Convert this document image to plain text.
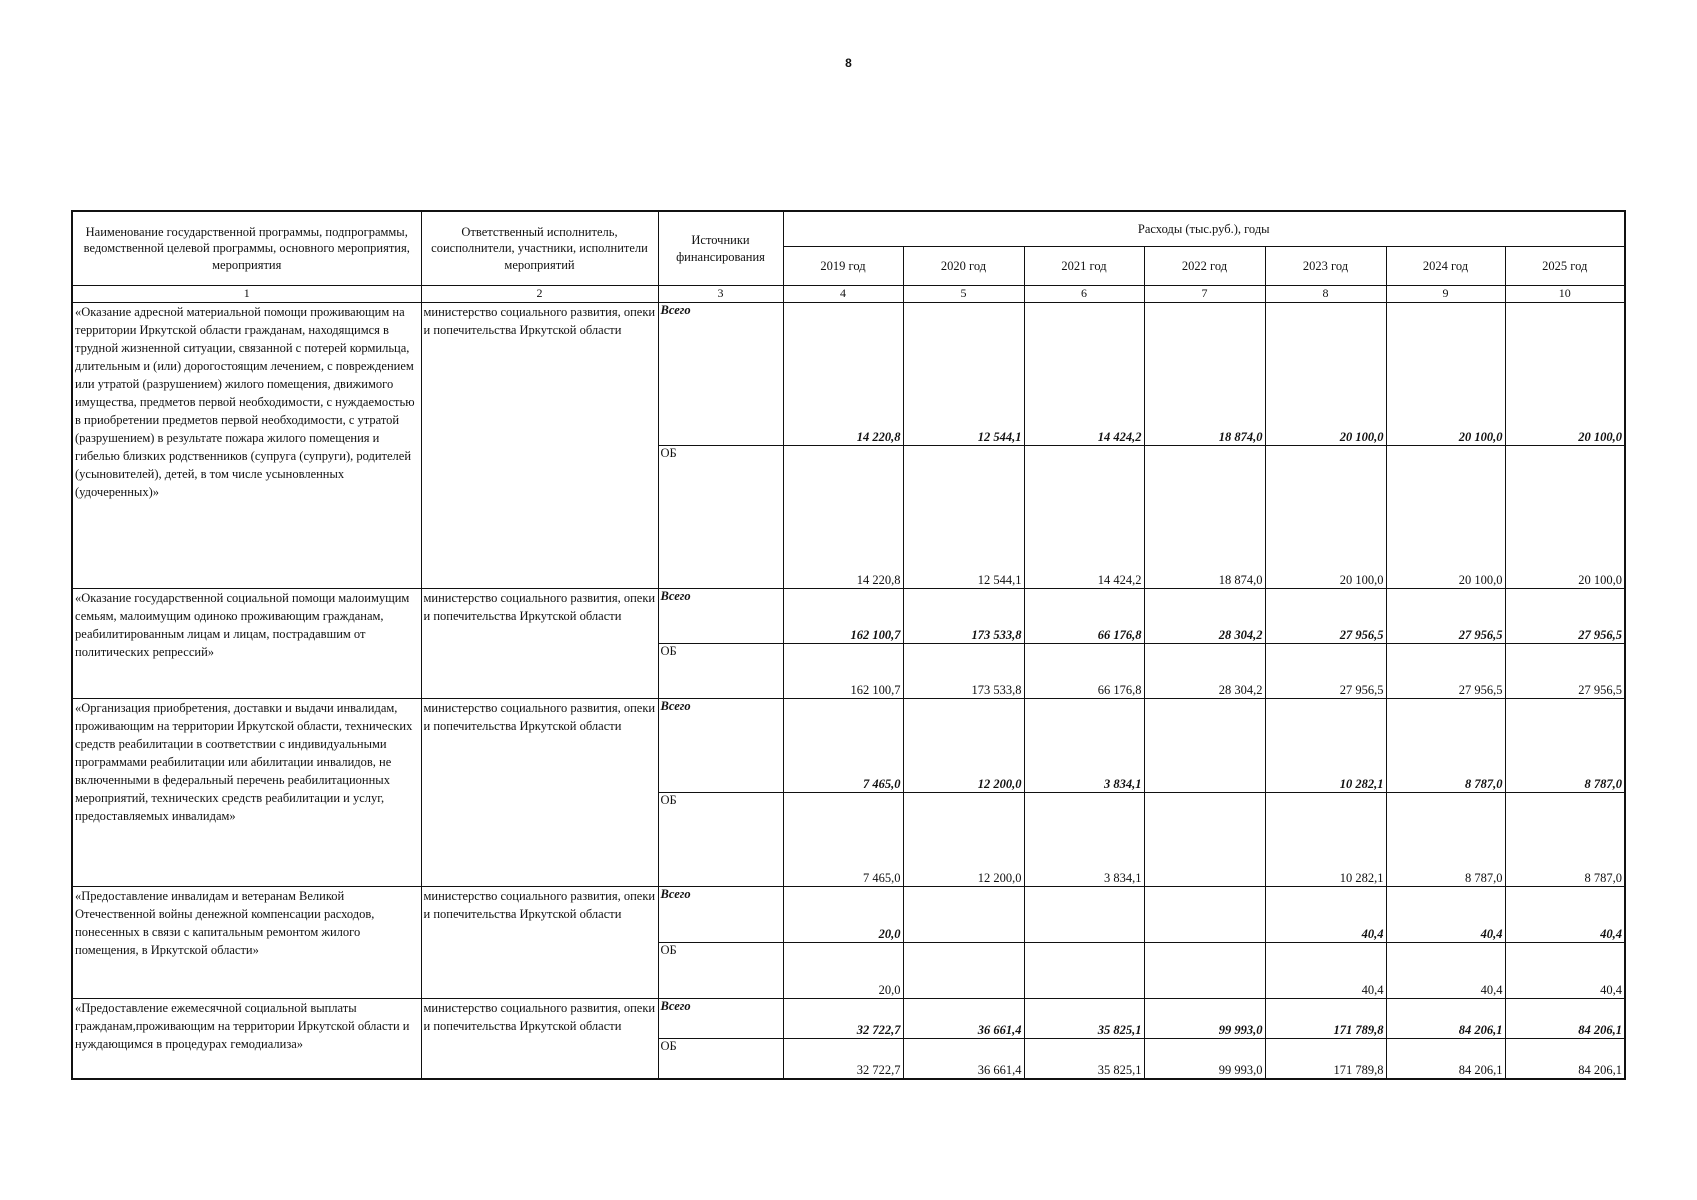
8
Наименование государственной программы, подпрограммы, ведомственной целевой программы, основного мероприятия, мероприятия	Ответственный исполнитель, соисполнители, участники, исполнители мероприятий	Источники финансирования	Расходы (тыс.руб.), годы						
			2019 год	2020 год	2021 год	2022 год	2023 год	2024 год	2025 год
1	2	3	4	5	6	7	8	9	10
«Оказание адресной материальной помощи проживающим на территории Иркутской области гражданам, находящимся в трудной жизненной ситуации, связанной с потерей кормильца, длительным и (или) дорогостоящим лечением, с повреждением или утратой (разрушением) жилого помещения, движимого имущества, предметов первой необходимости, с нуждаемостью в приобретении предметов первой необходимости, с утратой (разрушением) в результате пожара жилого помещения и гибелью близких родственников (супруга (супруги), родителей (усыновителей), детей, в том числе усыновленных (удочеренных)»	министерство социального развития, опеки и попечительства Иркутской области	Всего	14 220,8	12 544,1	14 424,2	18 874,0	20 100,0	20 100,0	20 100,0
		ОБ	14 220,8	12 544,1	14 424,2	18 874,0	20 100,0	20 100,0	20 100,0
«Оказание государственной социальной помощи малоимущим семьям, малоимущим одиноко проживающим гражданам, реабилитированным лицам и лицам, пострадавшим от политических репрессий»	министерство социального развития, опеки и попечительства Иркутской области	Всего	162 100,7	173 533,8	66 176,8	28 304,2	27 956,5	27 956,5	27 956,5
		ОБ	162 100,7	173 533,8	66 176,8	28 304,2	27 956,5	27 956,5	27 956,5
«Организация приобретения, доставки и выдачи инвалидам, проживающим на территории Иркутской области, технических средств реабилитации в соответствии с индивидуальными программами реабилитации или абилитации инвалидов, не включенными в федеральный перечень реабилитационных мероприятий, технических средств реабилитации и услуг, предоставляемых инвалидам»	министерство социального развития, опеки и попечительства Иркутской области	Всего	7 465,0	12 200,0	3 834,1		10 282,1	8 787,0	8 787,0
		ОБ	7 465,0	12 200,0	3 834,1		10 282,1	8 787,0	8 787,0
«Предоставление инвалидам и ветеранам Великой Отечественной войны денежной компенсации расходов, понесенных в связи с капитальным ремонтом жилого помещения, в Иркутской области»	министерство социального развития, опеки и попечительства Иркутской области	Всего	20,0				40,4	40,4	40,4
		ОБ	20,0				40,4	40,4	40,4
«Предоставление ежемесячной социальной выплаты гражданам,проживающим на территории Иркутской области и нуждающимся в процедурах гемодиализа»	министерство социального развития, опеки и попечительства Иркутской области	Всего	32 722,7	36 661,4	35 825,1	99 993,0	171 789,8	84 206,1	84 206,1
		ОБ	32 722,7	36 661,4	35 825,1	99 993,0	171 789,8	84 206,1	84 206,1
